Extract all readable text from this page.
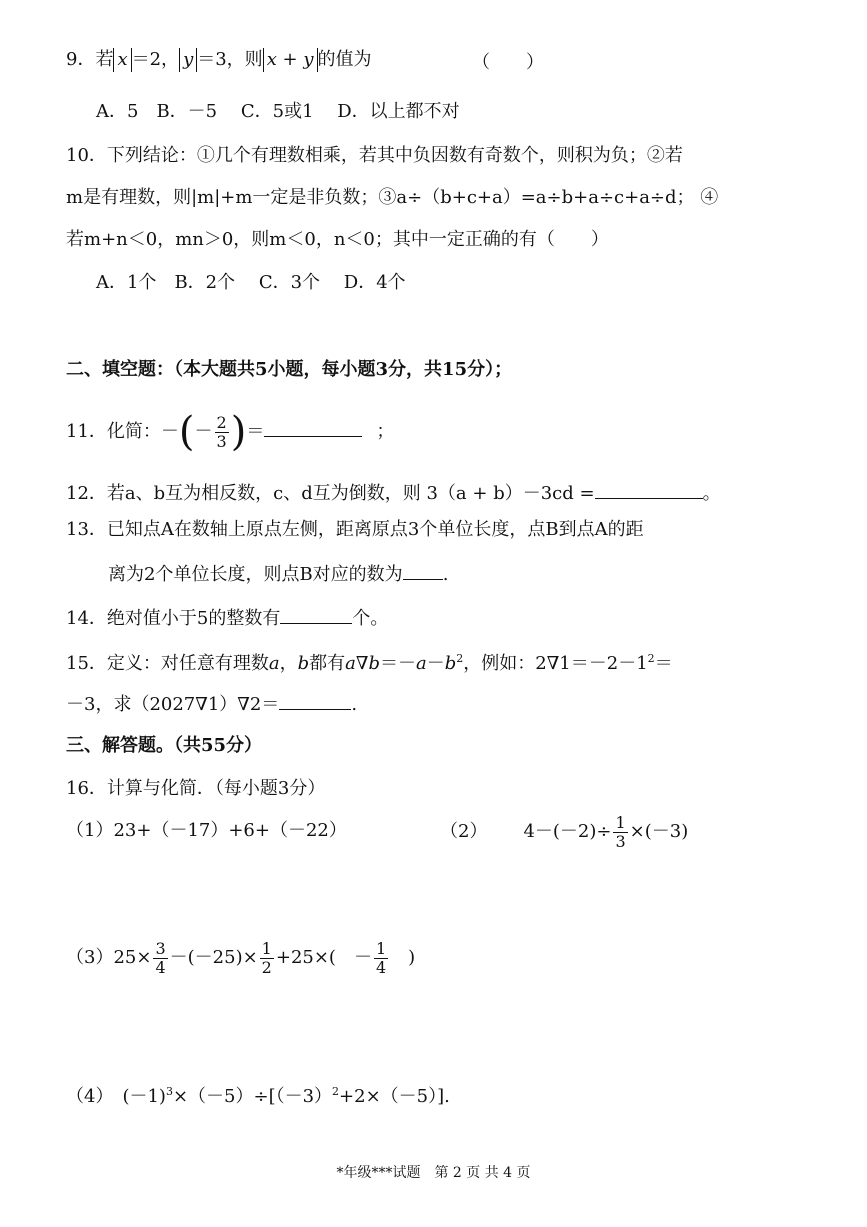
9．若 x ＝2， y ＝3，则 x + y 的值为	（　　）
A．5　B．－5　 C．5或1　 D．以上都不对
10．下列结论：①几个有理数相乘，若其中负因数有奇数个，则积为负；②若
m是有理数，则|m|+m一定是非负数；③a÷（b+c+a）=a÷b+a÷c+a÷d； ④
若m+n＜0，mn＞0，则m＜0，n＜0；其中一定正确的有（　　）
A．1个　B．2个　 C．3个　 D．4个
二、填空题：（本大题共5小题，每小题3分，共15分）；
11．化简：－(－ $\frac{2}{3}$ )＝	；
12．若a、b互为相反数，c、d互为倒数，则 3（a + b）－3cd =	。
13．已知点A在数轴上原点左侧，距离原点3个单位长度，点B到点A的距
离为2个单位长度，则点B对应的数为 .
14．绝对值小于5的整数有	个。
15．定义：对任意有理数a，b都有$a\nabla b=-a-b^2$，例如：$2\nabla 1=-2-1^2=$
－3，求（2027∇1）∇2＝	.
三、解答题。（共55分）
16．计算与化简．（每小题3分）
（1）23+（－17）+6+（－22）	（2） $4-(-2)\div \frac{1}{3} \times(-3)$
$(3)25\times \frac{3}{4} -(-25)\times \frac{1}{2} +25\times$(　－ $\frac{1}{4}$ 　)
（4）　$(-1)^3\times(-5)\div[(-3)^2+2\times(-5)]$.
*年级***试题　第 2 页 共 4 页
